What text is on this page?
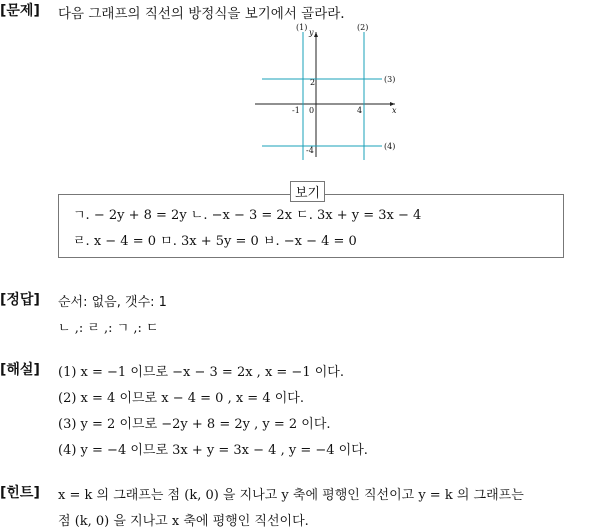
[문제] 다음 그래프의 직선의 방정식을 보기에서 골라라.
x
y
(1)	(2)
(3)
(4)
-1 0	4
2
-4
ㄱ. − 2y + 8 = 2y ㄴ. −x − 3 = 2x ㄷ. 3x + y = 3x − 4
ㄹ. x − 4 = 0 ㅁ. 3x + 5y = 0 ㅂ. −x − 4 = 0
보기
[정답] 순서: 없음, 갯수: 1
ㄴ ,: ㄹ ,: ㄱ ,: ㄷ
[해설] (1) x = −1 이므로 −x − 3 = 2x , x = −1 이다.
(2) x = 4 이므로 x − 4 = 0 , x = 4 이다.
(3) y = 2 이므로 −2y + 8 = 2y , y = 2 이다.
(4) y = −4 이므로 3x + y = 3x − 4 , y = −4 이다.
[힌트] x = k 의 그래프는 점 (k, 0) 을 지나고 y 축에 평행인 직선이고 y = k 의 그래프는
점 (k, 0) 을 지나고 x 축에 평행인 직선이다.
